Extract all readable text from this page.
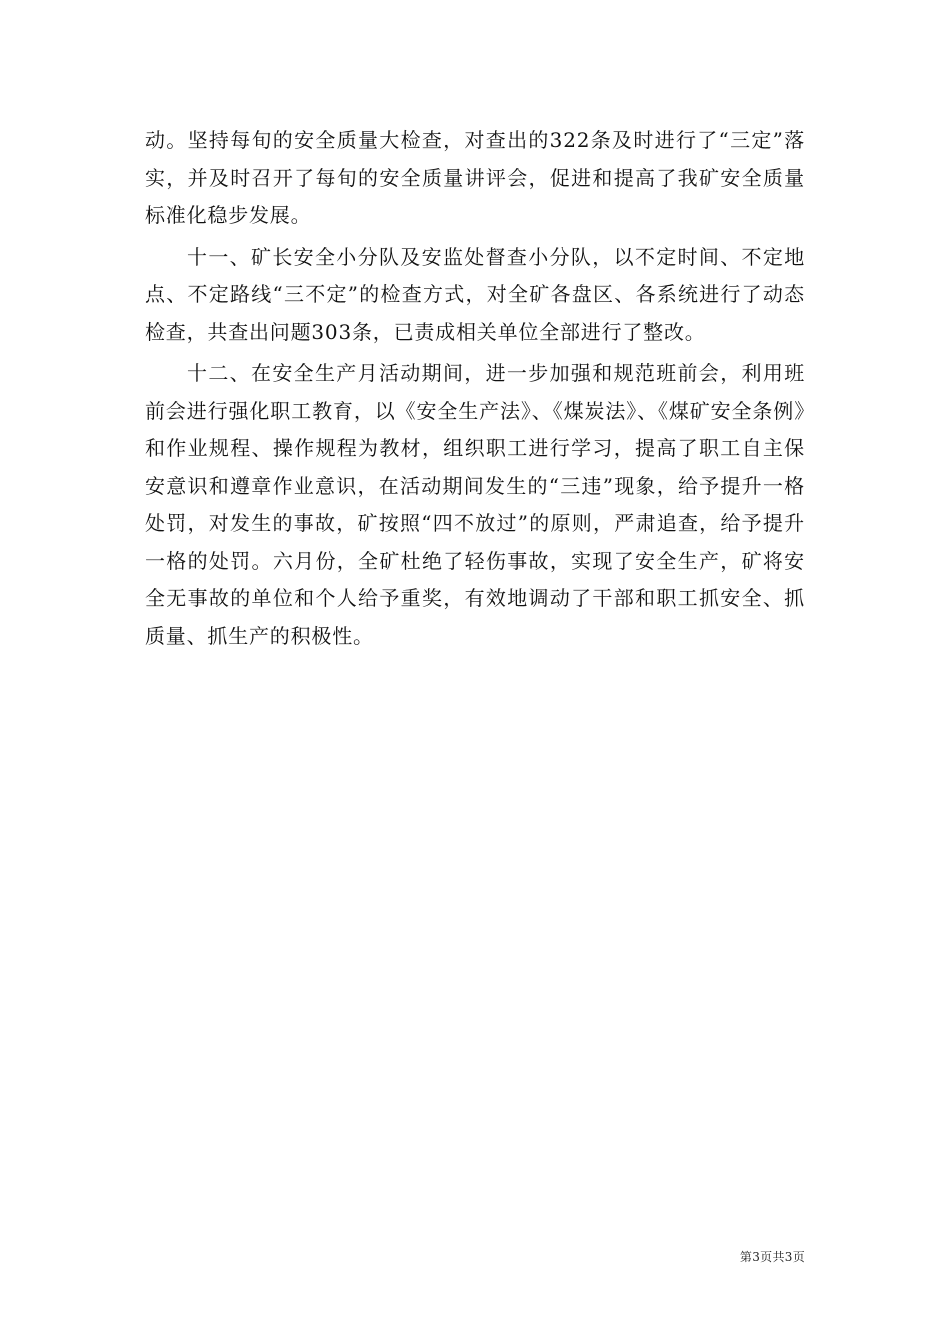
动。坚持每旬的安全质量大检查，对查出的322条及时进行了“三定”落实，并及时召开了每旬的安全质量讲评会，促进和提高了我矿安全质量标准化稳步发展。

十一、矿长安全小分队及安监处督查小分队，以不定时间、不定地点、不定路线“三不定”的检查方式，对全矿各盘区、各系统进行了动态检查，共查出问题303条，已责成相关单位全部进行了整改。

十二、在安全生产月活动期间，进一步加强和规范班前会，利用班前会进行强化职工教育，以《安全生产法》、《煤炭法》、《煤矿安全条例》和作业规程、操作规程为教材，组织职工进行学习，提高了职工自主保安意识和遵章作业意识，在活动期间发生的“三违”现象，给予提升一格处罚，对发生的事故，矿按照“四不放过”的原则，严肃追查，给予提升一格的处罚。六月份，全矿杜绝了轻伤事故，实现了安全生产，矿将安全无事故的单位和个人给予重奖，有效地调动了干部和职工抓安全、抓质量、抓生产的积极性。

第3页共3页
